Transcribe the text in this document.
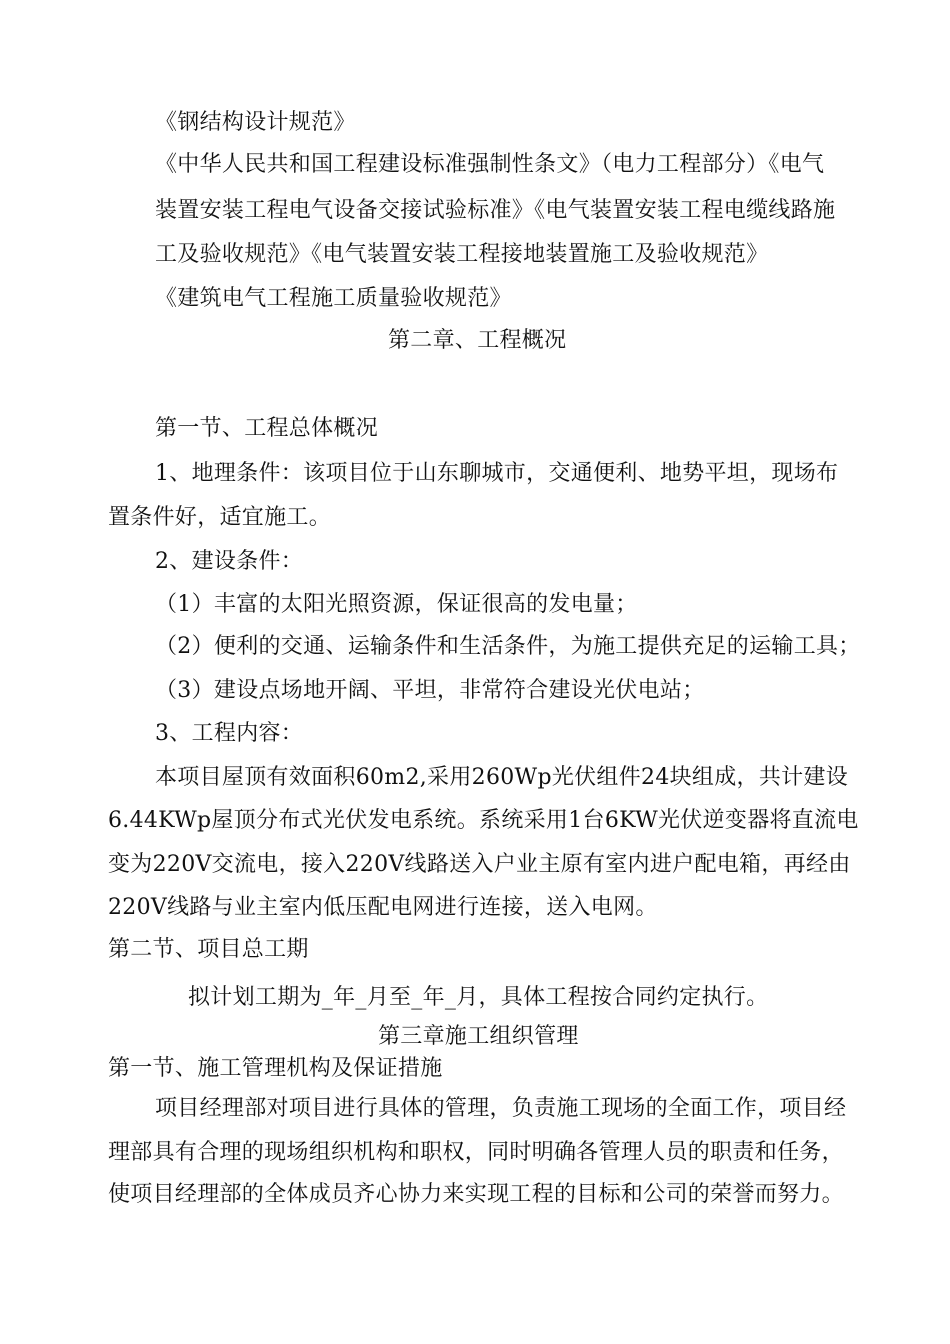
《钢结构设计规范》
《中华人民共和国工程建设标准强制性条文》（电力工程部分）《电气
装置安装工程电气设备交接试验标准》《电气装置安装工程电缆线路施
工及验收规范》《电气装置安装工程接地装置施工及验收规范》
《建筑电气工程施工质量验收规范》
第二章、工程概况
第一节、工程总体概况
1、地理条件：该项目位于山东聊城市，交通便利、地势平坦，现场布
置条件好，适宜施工。
2、建设条件：
（1）丰富的太阳光照资源，保证很高的发电量；
（2）便利的交通、运输条件和生活条件，为施工提供充足的运输工具；
（3）建设点场地开阔、平坦，非常符合建设光伏电站；
3、工程内容：
本项目屋顶有效面积60m2,采用260Wp光伏组件24块组成，共计建设
6.44KWp屋顶分布式光伏发电系统。系统采用1台6KW光伏逆变器将直流电
变为220V交流电，接入220V线路送入户业主原有室内进户配电箱，再经由
220V线路与业主室内低压配电网进行连接，送入电网。
第二节、项目总工期
拟计划工期为_年_月至_年_月，具体工程按合同约定执行。
第三章施工组织管理
第一节、施工管理机构及保证措施
项目经理部对项目进行具体的管理，负责施工现场的全面工作，项目经
理部具有合理的现场组织机构和职权，同时明确各管理人员的职责和任务，
使项目经理部的全体成员齐心协力来实现工程的目标和公司的荣誉而努力。
